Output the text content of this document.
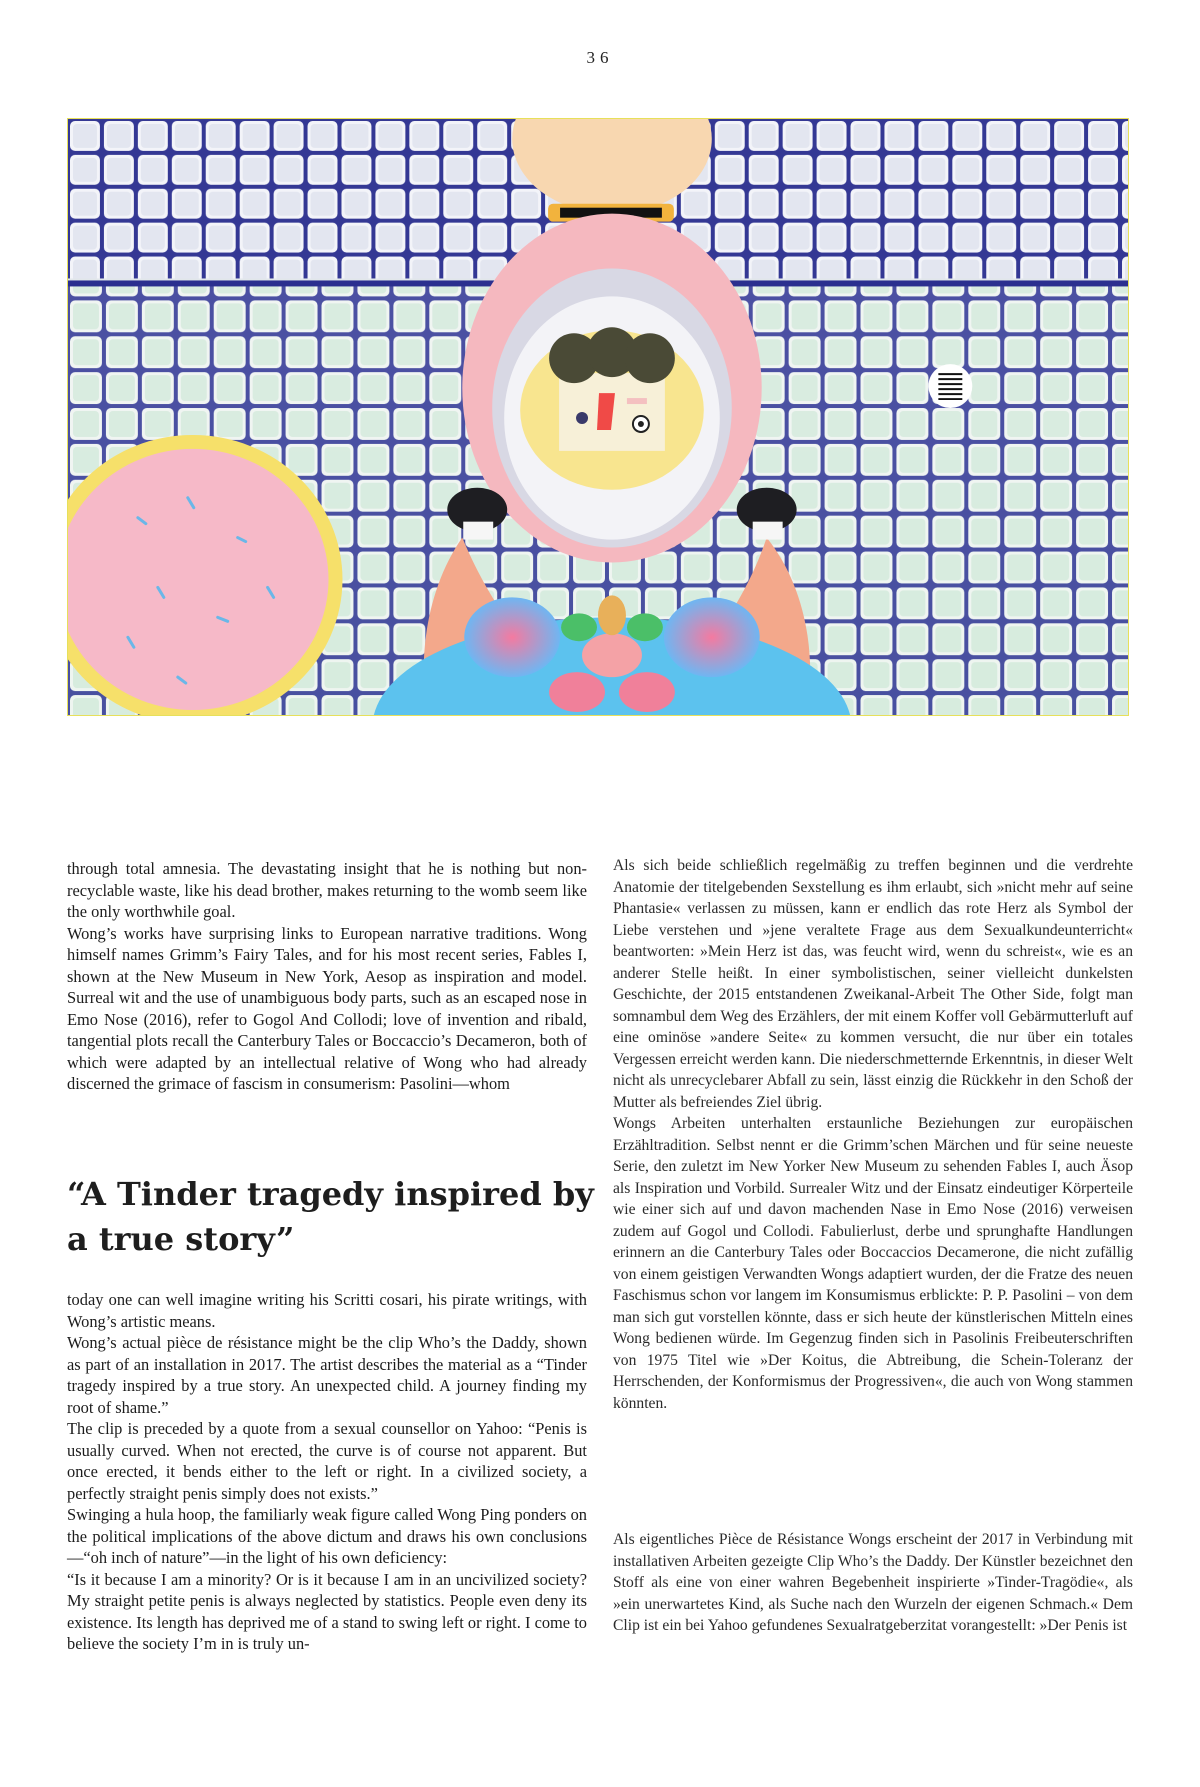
36

through total amnesia. The devastating insight that he is nothing but non-recyclable waste, like his dead brother, makes returning to the womb seem like the only worthwhile goal.

Wong’s works have surprising links to European narrative traditions. Wong himself names Grimm’s Fairy Tales, and for his most recent series, Fables I, shown at the New Museum in New York, Aesop as inspiration and model. Surreal wit and the use of unambiguous body parts, such as an escaped nose in Emo Nose (2016), refer to Gogol And Collodi; love of invention and ribald, tangential plots recall the Canterbury Tales or Boccaccio’s Decameron, both of which were adapted by an intellectual relative of Wong who had already discerned the grimace of fascism in consumerism: Pasolini—whom

“A Tinder tragedy inspired by a true story”

today one can well imagine writing his Scritti cosari, his pirate writings, with Wong’s artistic means.

Wong’s actual pièce de résistance might be the clip Who’s the Daddy, shown as part of an installation in 2017. The artist describes the material as a “Tinder tragedy inspired by a true story. An unexpected child. A journey finding my root of shame.”

The clip is preceded by a quote from a sexual counsellor on Yahoo: “Penis is usually curved. When not erected, the curve is of course not apparent. But once erected, it bends either to the left or right. In a civilized society, a perfectly straight penis simply does not exists.”

Swinging a hula hoop, the familiarly weak figure called Wong Ping ponders on the political implications of the above dictum and draws his own conclusions—“oh inch of nature”—in the light of his own deficiency:

“Is it because I am a minority? Or is it because I am in an uncivilized society? My straight petite penis is always neglected by statistics. People even deny its existence. Its length has deprived me of a stand to swing left or right. I come to believe the society I’m in is truly un-

Als sich beide schließlich regelmäßig zu treffen beginnen und die verdrehte Anatomie der titelgebenden Sexstellung es ihm erlaubt, sich »nicht mehr auf seine Phantasie« verlassen zu müssen, kann er endlich das rote Herz als Symbol der Liebe verstehen und »jene veraltete Frage aus dem Sexualkundeunterricht« beantworten: »Mein Herz ist das, was feucht wird, wenn du schreist«, wie es an anderer Stelle heißt. In einer symbolistischen, seiner vielleicht dunkelsten Geschichte, der 2015 entstandenen Zweikanal-Arbeit The Other Side, folgt man somnambul dem Weg des Erzählers, der mit einem Koffer voll Gebärmutterluft auf eine ominöse »andere Seite« zu kommen versucht, die nur über ein totales Vergessen erreicht werden kann. Die niederschmetternde Erkenntnis, in dieser Welt nicht als unrecyclebarer Abfall zu sein, lässt einzig die Rückkehr in den Schoß der Mutter als befreiendes Ziel übrig.

Wongs Arbeiten unterhalten erstaunliche Beziehungen zur europäischen Erzähltradition. Selbst nennt er die Grimm’schen Märchen und für seine neueste Serie, den zuletzt im New Yorker New Museum zu sehenden Fables I, auch Äsop als Inspiration und Vorbild. Surrealer Witz und der Einsatz eindeutiger Körperteile wie einer sich auf und davon machenden Nase in Emo Nose (2016) verweisen zudem auf Gogol und Collodi. Fabulierlust, derbe und sprunghafte Handlungen erinnern an die Canterbury Tales oder Boccaccios Decamerone, die nicht zufällig von einem geistigen Verwandten Wongs adaptiert wurden, der die Fratze des neuen Faschismus schon vor langem im Konsumismus erblickte: P. P. Pasolini – von dem man sich gut vorstellen könnte, dass er sich heute der künstlerischen Mitteln eines Wong bedienen würde. Im Gegenzug finden sich in Pasolinis Freibeuterschriften von 1975 Titel wie »Der Koitus, die Abtreibung, die Schein-Toleranz der Herrschenden, der Konformismus der Progressiven«, die auch von Wong stammen könnten.

Als eigentliches Pièce de Résistance Wongs erscheint der 2017 in Verbindung mit installativen Arbeiten gezeigte Clip Who’s the Daddy. Der Künstler bezeichnet den Stoff als eine von einer wahren Begebenheit inspirierte »Tinder-Tragödie«, als »ein unerwartetes Kind, als Suche nach den Wurzeln der eigenen Schmach.« Dem Clip ist ein bei Yahoo gefundenes Sexualratgeberzitat vorangestellt: »Der Penis ist
